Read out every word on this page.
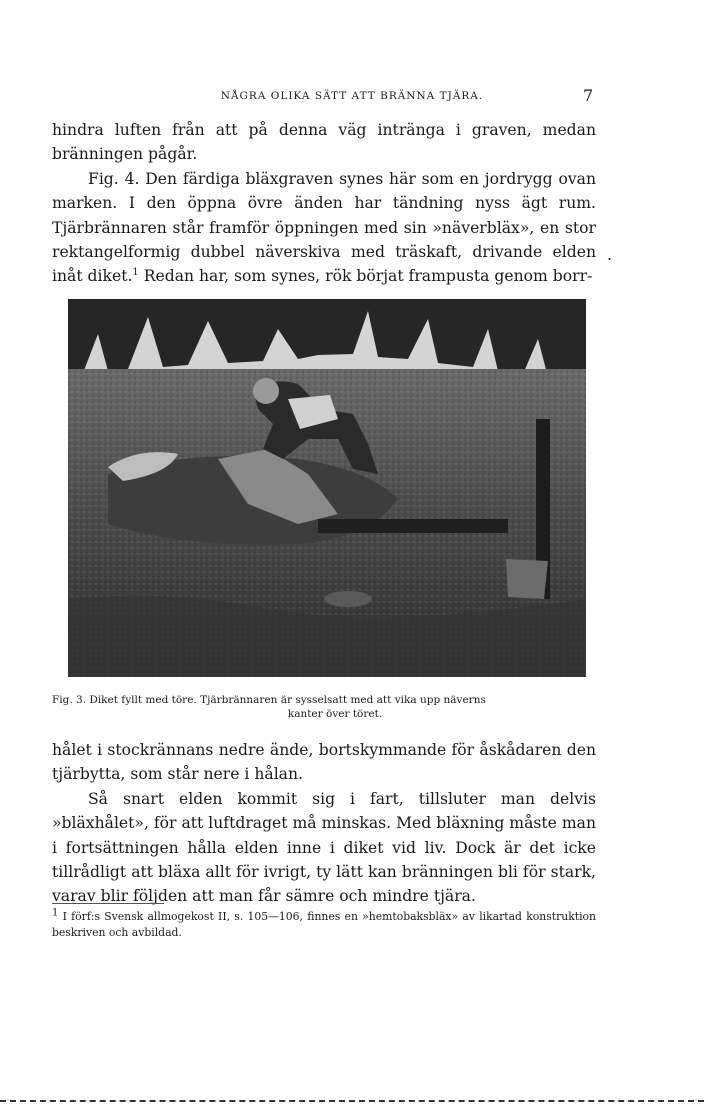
NÅGRA OLIKA SÄTT ATT BRÄNNA TJÄRA.	7

hindra luften från att på denna väg intränga i graven, medan bränningen pågår.

Fig. 4. Den färdiga bläxgraven synes här som en jordrygg ovan marken. I den öppna övre änden har tändning nyss ägt rum. Tjärbrännaren står framför öppningen med sin »näverbläx», en stor rektangelformig dubbel näverskiva med träskaft, drivande elden inåt diket.$^1$ Redan har, som synes, rök börjat frampusta genom borr-

.
Fig. 3. Diket fyllt med töre. Tjärbrännaren är sysselsatt med att vika upp näverns
kanter över töret.

hålet i stockrännans nedre ände, bortskymmande för åskådaren den tjärbytta, som står nere i hålan.

Så snart elden kommit sig i fart, tillsluter man delvis »bläxhålet», för att luftdraget må minskas. Med bläxning måste man i fortsättningen hålla elden inne i diket vid liv. Dock är det icke tillrådligt att bläxa allt för ivrigt, ty lätt kan bränningen bli för stark, varav blir följden att man får sämre och mindre tjära.

$^1$ I förf:s Svensk allmogekost II, s. 105—106, finnes en »hemtobaksbläx» av likartad konstruktion beskriven och avbildad.
